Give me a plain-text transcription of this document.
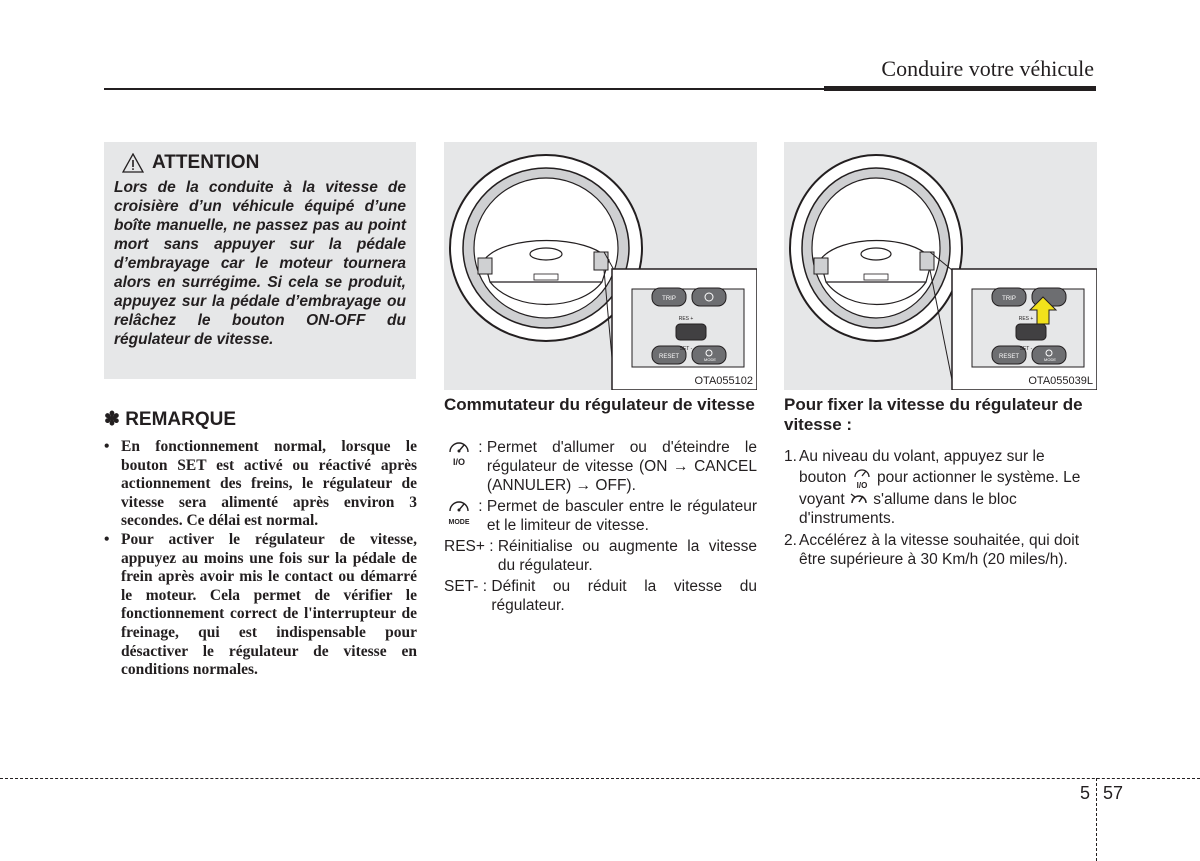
Conduire votre véhicule
ATTENTION
Lors de la conduite à la vitesse de croisière d’un véhicule équipé d’une boîte manuelle, ne passez pas au point mort sans appuyer sur la pédale d’embrayage car le moteur tournera alors en surrégime. Si cela se produit, appuyez sur la pédale d’embrayage ou relâchez le bouton ON-OFF du régulateur de vitesse.
✽ REMARQUE
• En fonctionnement normal, lorsque le bouton SET est activé ou réactivé après actionnement des freins, le régulateur de vitesse sera alimenté après environ 3 secondes. Ce délai est normal.
• Pour activer le régulateur de vitesse, appuyez au moins une fois sur la pédale de frein après avoir mis le contact ou démarré le moteur. Cela permet de vérifier le fonctionnement correct de l'interrupteur de freinage, qui est indispensable pour désactiver le régulateur de vitesse en conditions normales.
TRIP
RES +
SET -
RESET	MODE
OTA055102
TRIP
RES +
SET -
RESET	MODE
OTA055039L
Commutateur du régulateur de vitesse
I/O
: Permet d'allumer ou d'éteindre le régulateur de vitesse (ON → CANCEL (ANNULER) → OFF).
MODE
: Permet de basculer entre le régulateur et le limiteur de vitesse.
RES+ : Réinitialise ou augmente la vitesse du régulateur.
SET- : Définit ou réduit la vitesse du régulateur.
Pour fixer la vitesse du régulateur de vitesse :
1. Au niveau du volant, appuyez sur le bouton I/O pour actionner le système. Le voyant s'allume dans le bloc d'instruments.
2. Accélérez à la vitesse souhaitée, qui doit être supérieure à 30 Km/h (20 miles/h).
5 57
